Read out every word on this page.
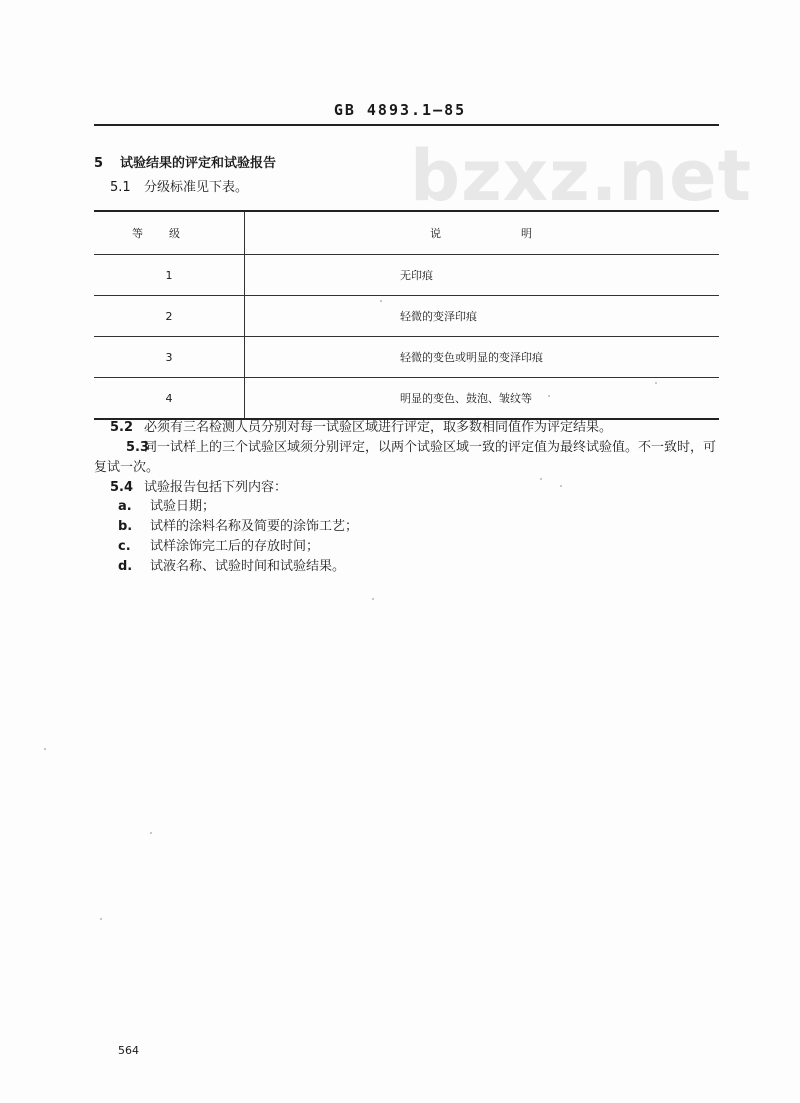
GB 4893.1—85
bzxz.net
5 试验结果的评定和试验报告
5.1 分级标准见下表。
等级	说明
1	无印痕
2	轻微的变泽印痕
3	轻微的变色或明显的变泽印痕
4	明显的变色、鼓泡、皱纹等
5.2 必须有三名检测人员分别对每一试验区域进行评定，取多数相同值作为评定结果。
5.3同一试样上的三个试验区域须分别评定，以两个试验区域一致的评定值为最终试验值。不一致时，可复试一次。
5.4 试验报告包括下列内容：
a. 试验日期；
b. 试样的涂料名称及简要的涂饰工艺；
c. 试样涂饰完工后的存放时间；
d. 试液名称、试验时间和试验结果。
564
